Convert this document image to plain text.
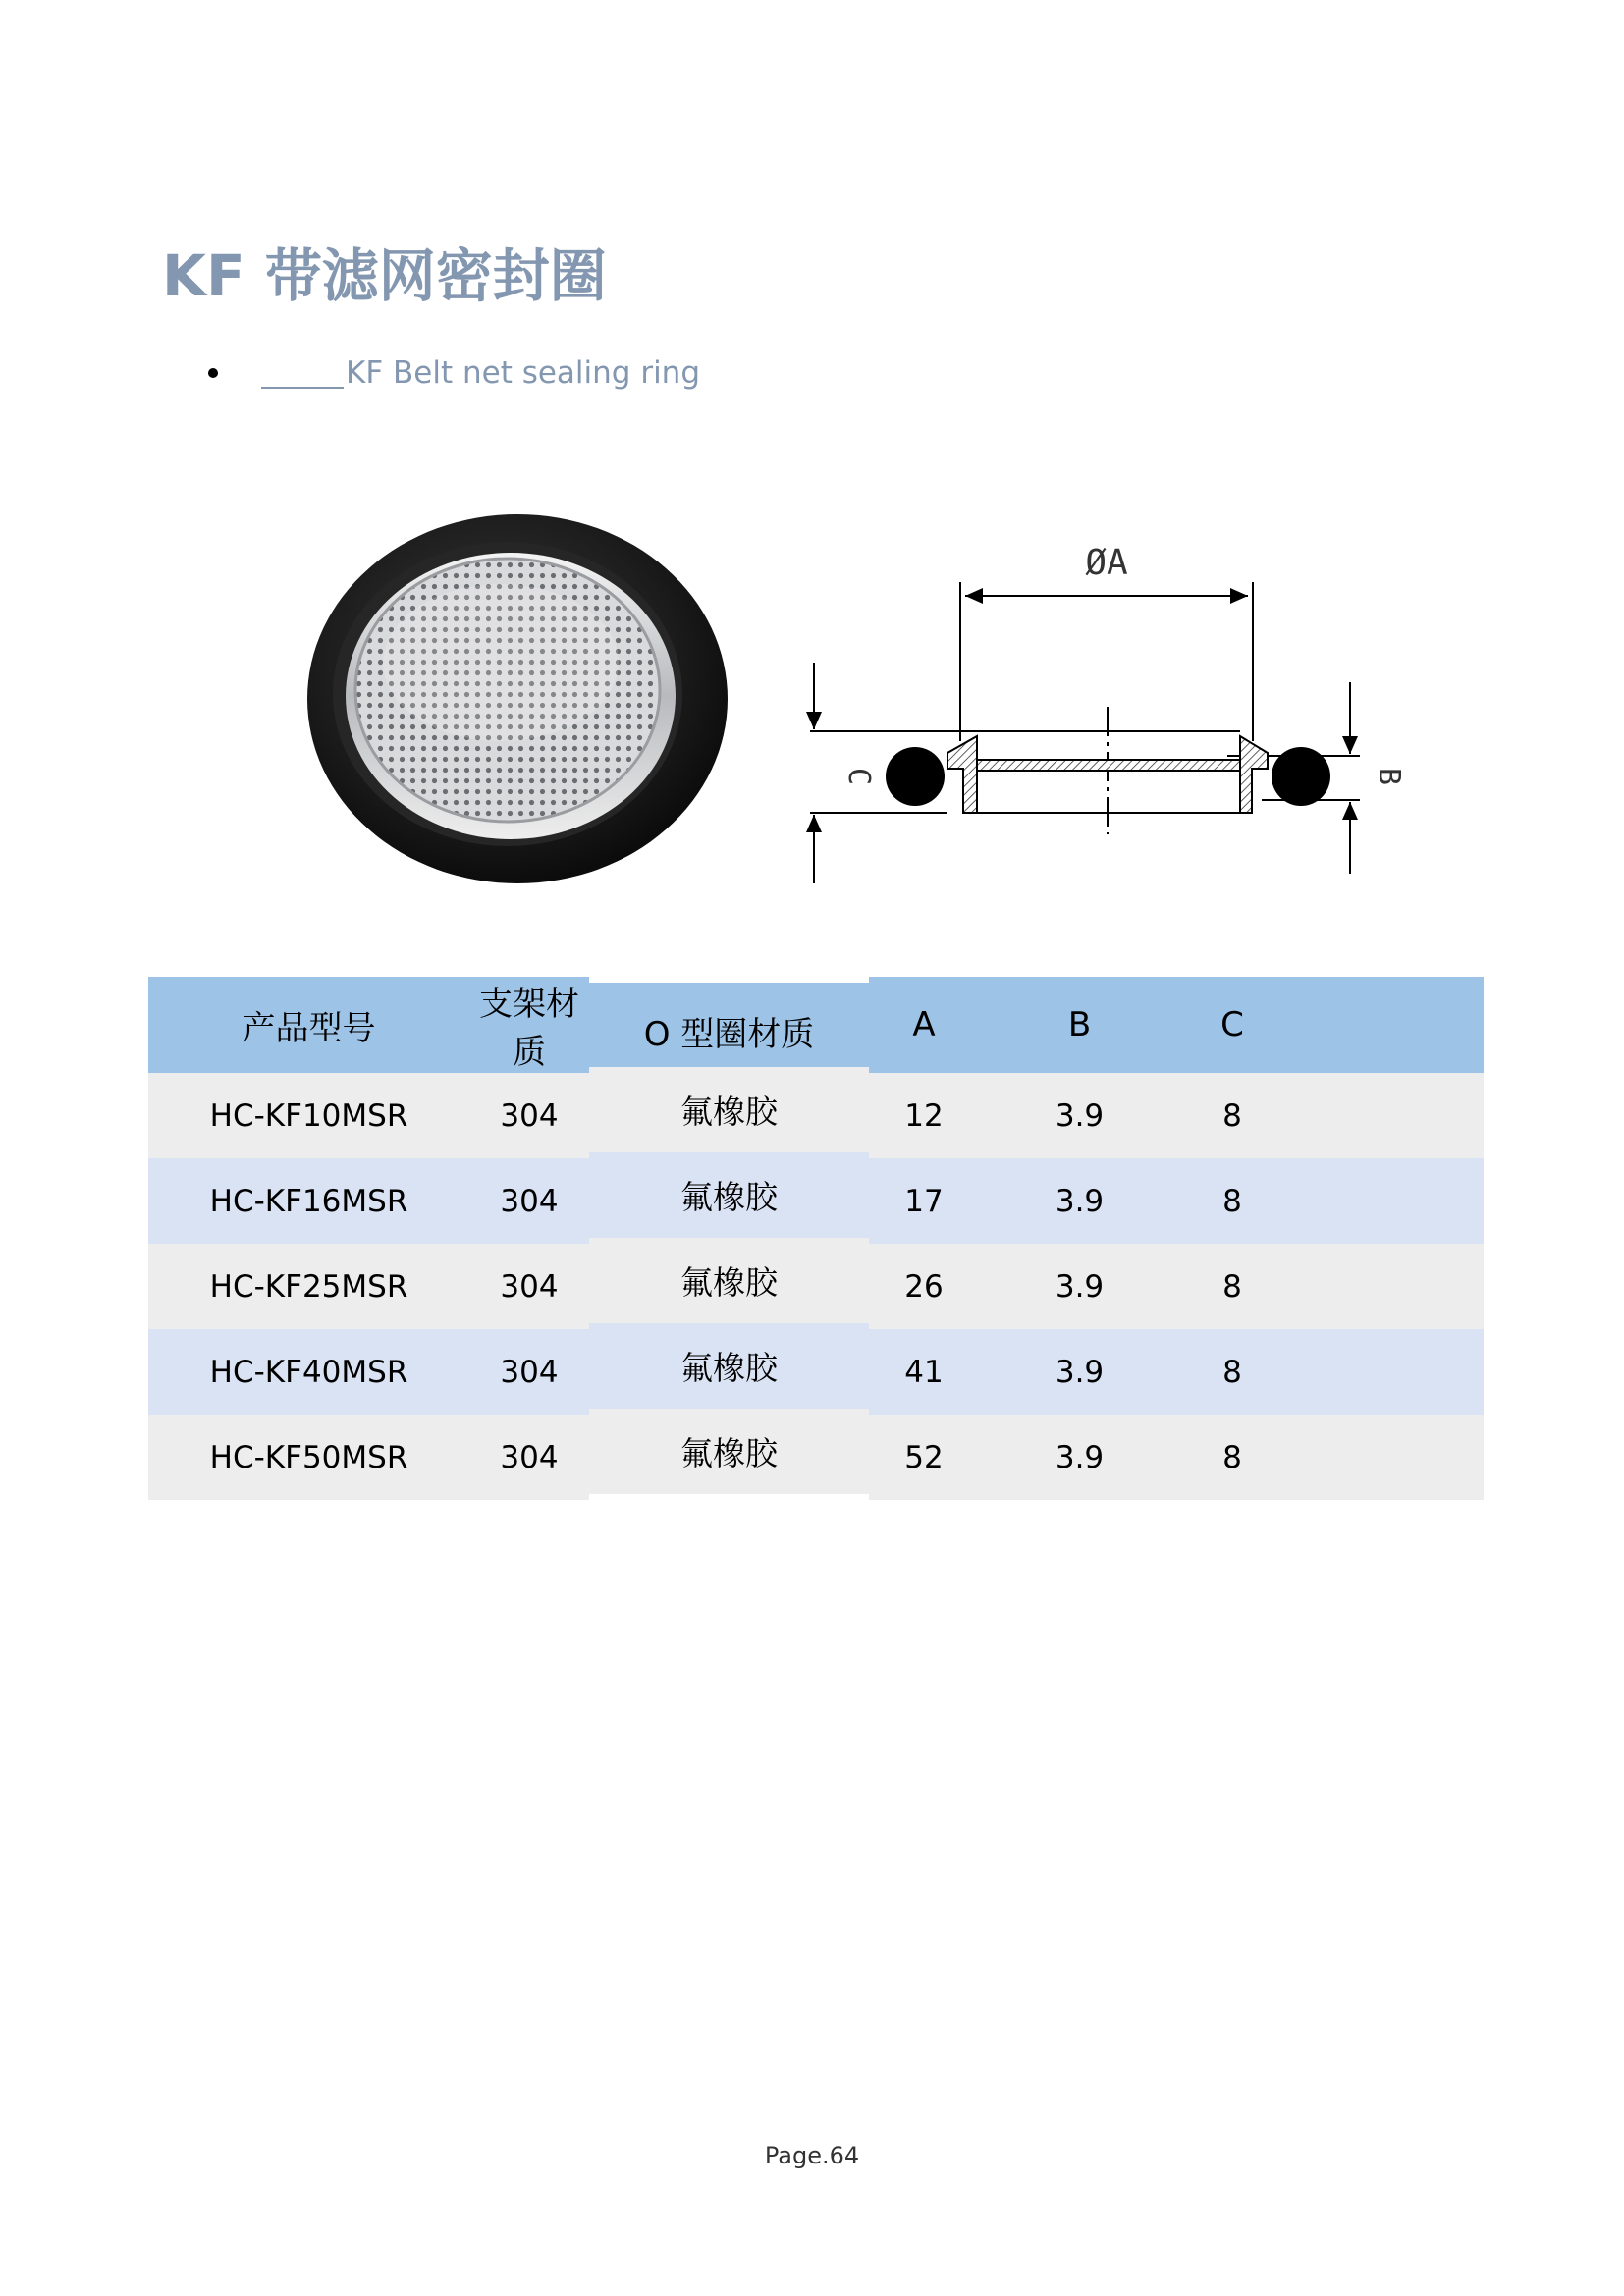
KF 带滤网密封圈
KF Belt net sealing ring
ØA
C	B
产品型号	支架材质	O 型圈材质	A	B	C	
HC-KF10MSR	304	氟橡胶	12	3.9	8	
HC-KF16MSR	304	氟橡胶	17	3.9	8	
HC-KF25MSR	304	氟橡胶	26	3.9	8	
HC-KF40MSR	304	氟橡胶	41	3.9	8	
HC-KF50MSR	304	氟橡胶	52	3.9	8	
Page.64
